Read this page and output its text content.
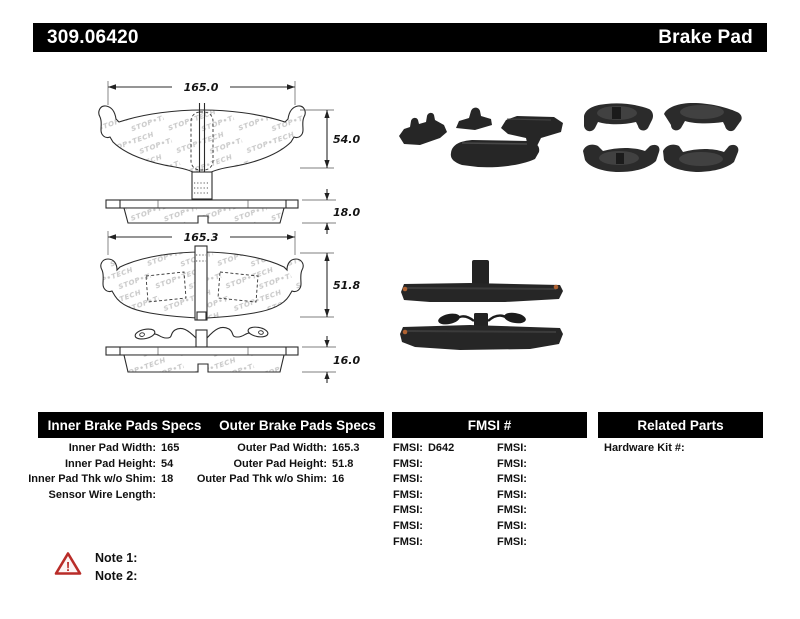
309.06420	Brake Pad
165.0
54.0
18.0
165.3
51.8
16.0
Inner Brake Pads Specs	Outer Brake Pads Specs	FMSI #	Related Parts
Inner Pad Width: 165
Inner Pad Height: 54
Inner Pad Thk w/o Shim: 18
Sensor Wire Length:
Outer Pad Width: 165.3
Outer Pad Height: 51.8
Outer Pad Thk w/o Shim: 16
FMSI: D642
FMSI:
FMSI:
FMSI:
FMSI:
FMSI:
FMSI:
FMSI:
FMSI:
FMSI:
FMSI:
FMSI:
FMSI:
FMSI:
Hardware Kit #:
!
Note 1:
Note 2:
